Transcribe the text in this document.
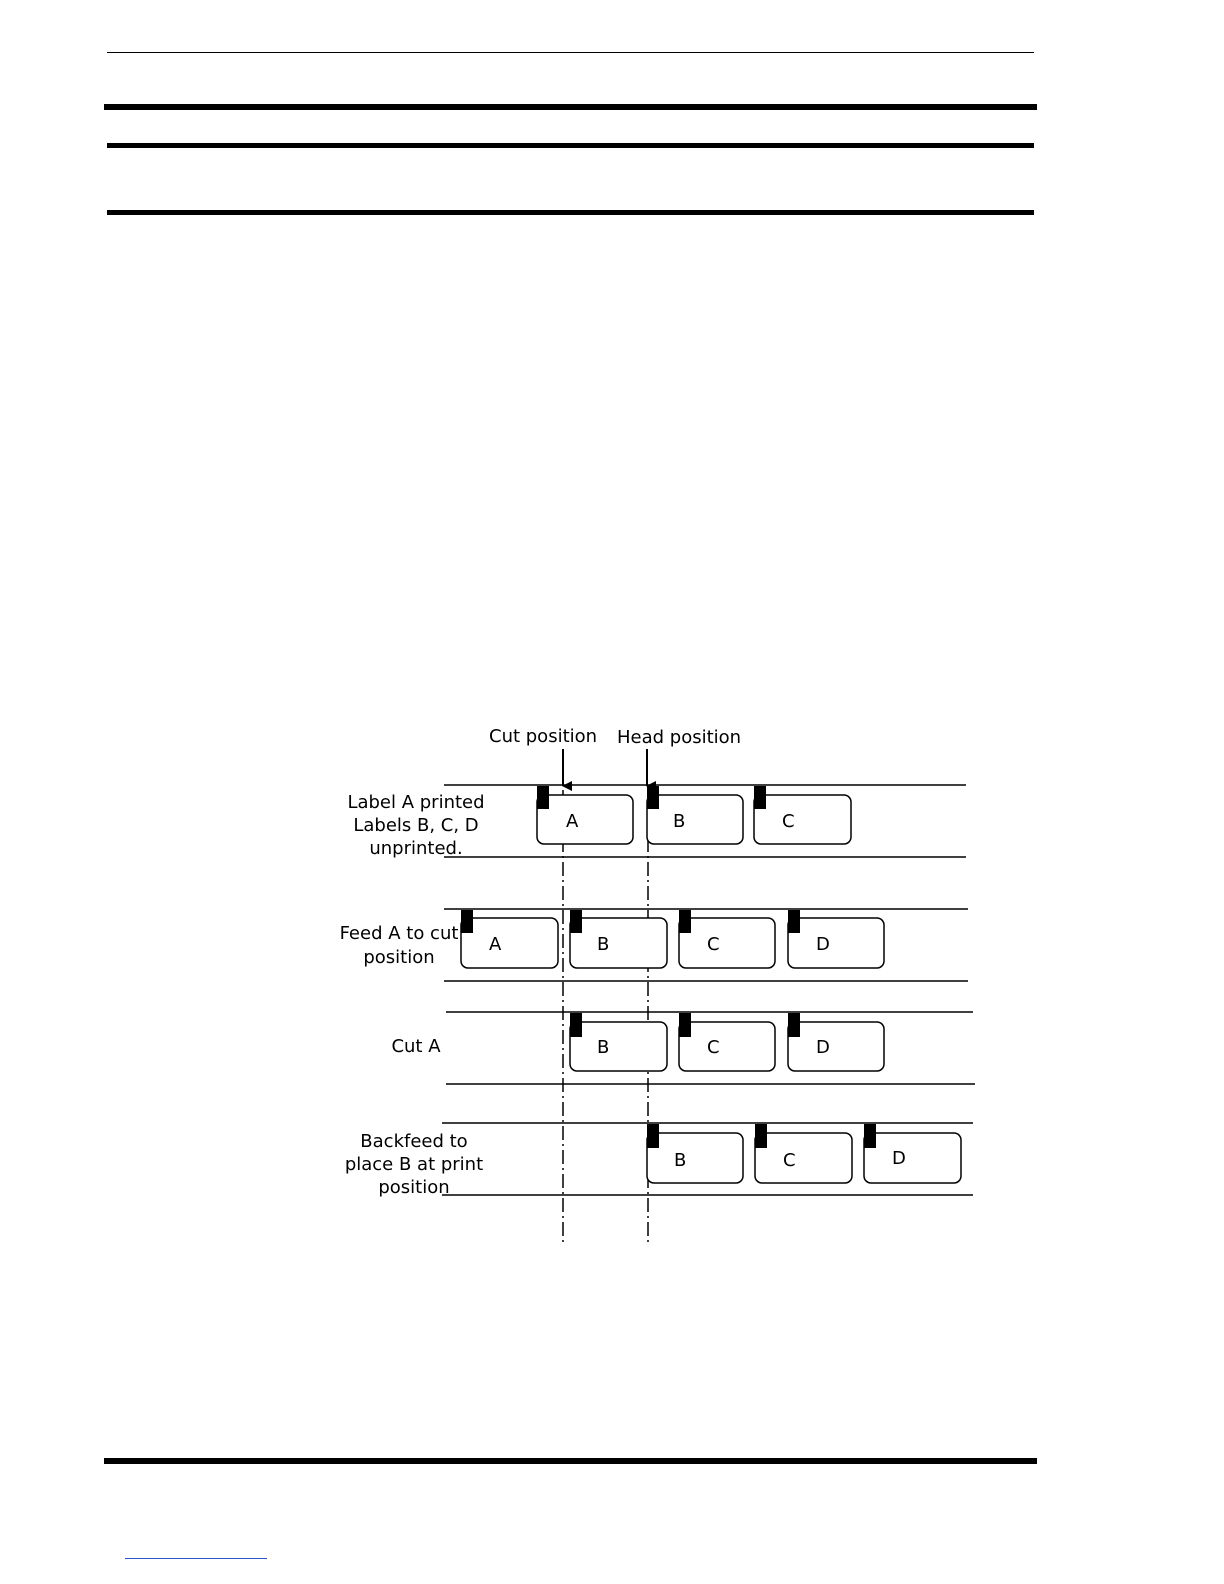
Cut position Head position
Label A printed
Labels B, C, D
unprinted.
A	B	C
Feed A to cut
position
A	B	C	D
Cut A	B	C	D
Backfeed to
place B at print
position
B	C	D
